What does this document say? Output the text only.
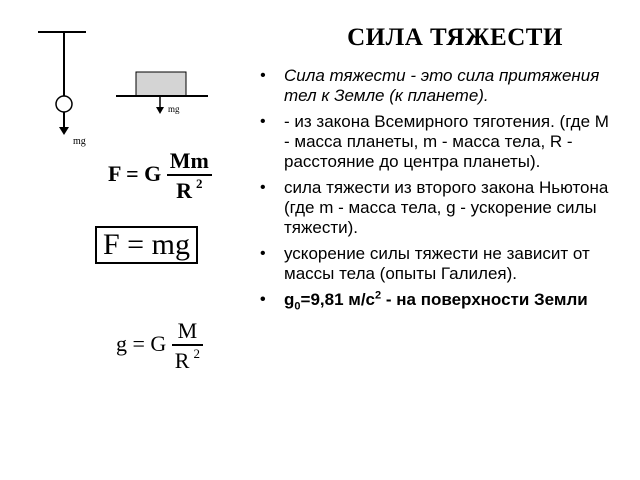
СИЛА ТЯЖЕСТИ
mg
mg
F = G $\frac{Mm}{R ^2}$
F = mg
g = G $\frac{M}{R ^2}$
• Сила тяжести - это сила притяжения тел к Земле (к планете).
• - из закона Всемирного тяготения. (где M - масса планеты, m - масса тела, R - расстояние до центра планеты).
• сила тяжести из второго закона Ньютона (где m - масса тела, g - ускорение силы тяжести).
• ускорение силы тяжести не зависит от массы тела (опыты Галилея).
• $g_0=9,81$ $м/с^2$ - на поверхности Земли
